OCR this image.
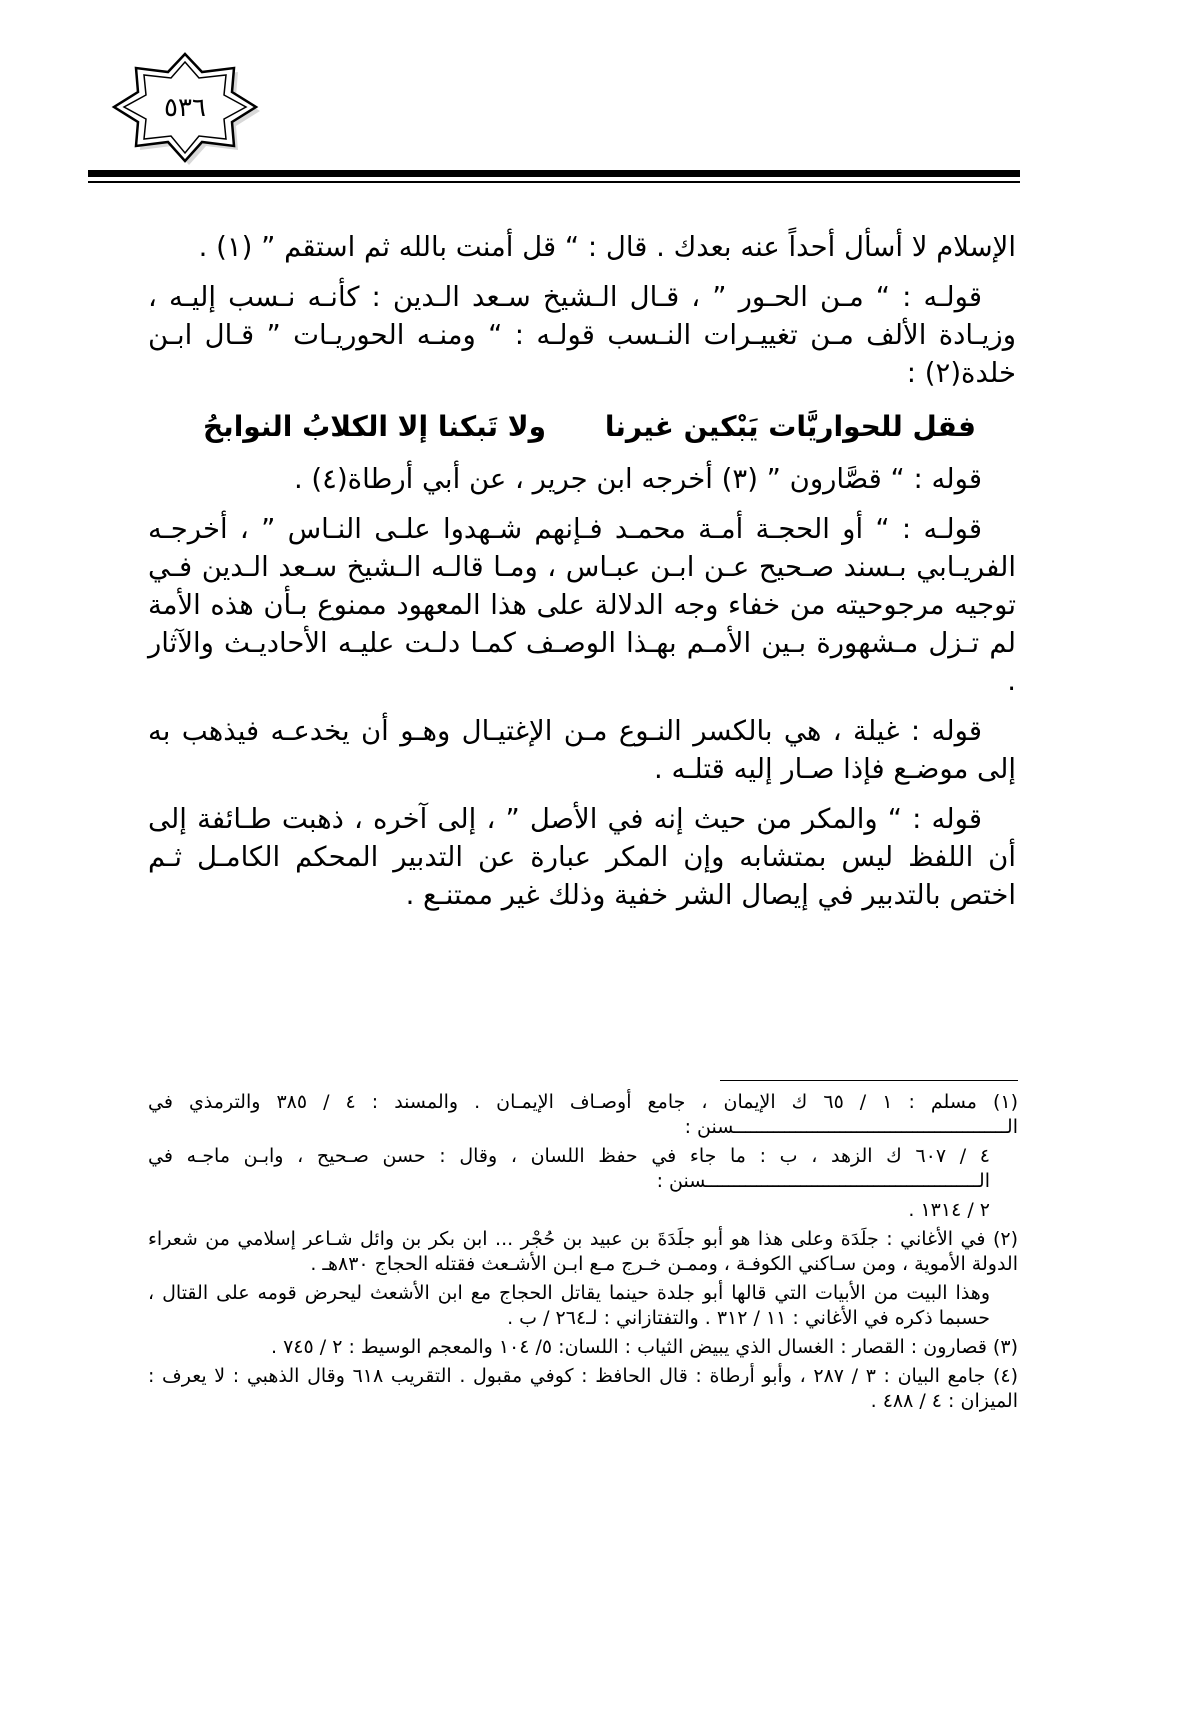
٥٣٦

الإسلام لا أسأل أحداً عنه بعدك . قال : “ قل أمنت بالله ثم استقم ” (١) .

قولـه : “ مـن الحـور ” ، قـال الـشيخ سـعد الـدين : كأنـه نـسب إليـه ، وزيـادة الألف مـن تغييـرات النـسب قولـه : “ ومنـه الحوريـات ” قـال ابـن خلدة(٢) :

فقل للحواريَّات يَبْكين غيرنا
ولا تَبكنا إلا الكلابُ النوابحُ

قوله : “ قصَّارون ” (٣) أخرجه ابن جرير ، عن أبي أرطاة(٤) .

قولـه : “ أو الحجـة أمـة محمـد فـإنهم شـهدوا علـى النـاس ” ، أخرجـه الفريـابي بـسند صـحيح عـن ابـن عبـاس ، ومـا قالـه الـشيخ سـعد الـدين فـي توجيه مرجوحيته من خفاء وجه الدلالة على هذا المعهود ممنوع بـأن هذه الأمة لم تـزل مـشهورة بـين الأمـم بهـذا الوصـف كمـا دلـت عليـه الأحاديـث والآثار .

قوله : غيلة ، هي بالكسر النـوع مـن الإغتيـال وهـو أن يخدعـه فيذهب به إلى موضـع فإذا صـار إليه قتلـه .

قوله : “ والمكر من حيث إنه في الأصل ” ، إلى آخره ، ذهبت طـائفة إلى أن اللفظ ليس بمتشابه وإن المكر عبارة عن التدبير المحكم الكامـل ثـم اختص بالتدبير في إيصال الشر خفية وذلك غير ممتنـع .

(١) مسلم : ١ / ٦٥ ك الإيمان ، جامع أوصـاف الإيمـان . والمسند : ٤ / ٣٨٥ والترمذي في الـــــــــــــــــــــــــــــــــــــــــــــــــسنن :

٤ / ٦٠٧ ك الزهد ، ب : ما جاء في حفظ اللسان ، وقال : حسن صـحيح ، وابـن ماجـه في الـــــــــــــــــــــــــــــــــــــــــــــــــسنن :

٢ / ١٣١٤ .

(٢) في الأغاني : جلَدَة وعلى هذا هو أبو جلَدَةَ بن عبيد بن حُجْر ... ابن بكر بن وائل شـاعر إسلامي من شعراء الدولة الأموية ، ومن سـاكني الكوفـة ، وممـن خـرج مـع ابـن الأشـعث فقتله الحجاج ٨٣٠هـ .

وهذا البيت من الأبيات التي قالها أبو جلدة حينما يقاتل الحجاج مع ابن الأشعث ليحرض قومه على القتال ، حسبما ذكره في الأغاني : ١١ / ٣١٢ . والتفتازاني : لـ٢٦٤ / ب .

(٣) قصارون : القصار : الغسال الذي يبيض الثياب : اللسان: ٥/ ١٠٤ والمعجم الوسيط : ٢ / ٧٤٥ .

(٤) جامع البيان : ٣ / ٢٨٧ ، وأبو أرطاة : قال الحافظ : كوفي مقبول . التقريب ٦١٨ وقال الذهبي : لا يعرف : الميزان : ٤ / ٤٨٨ .
